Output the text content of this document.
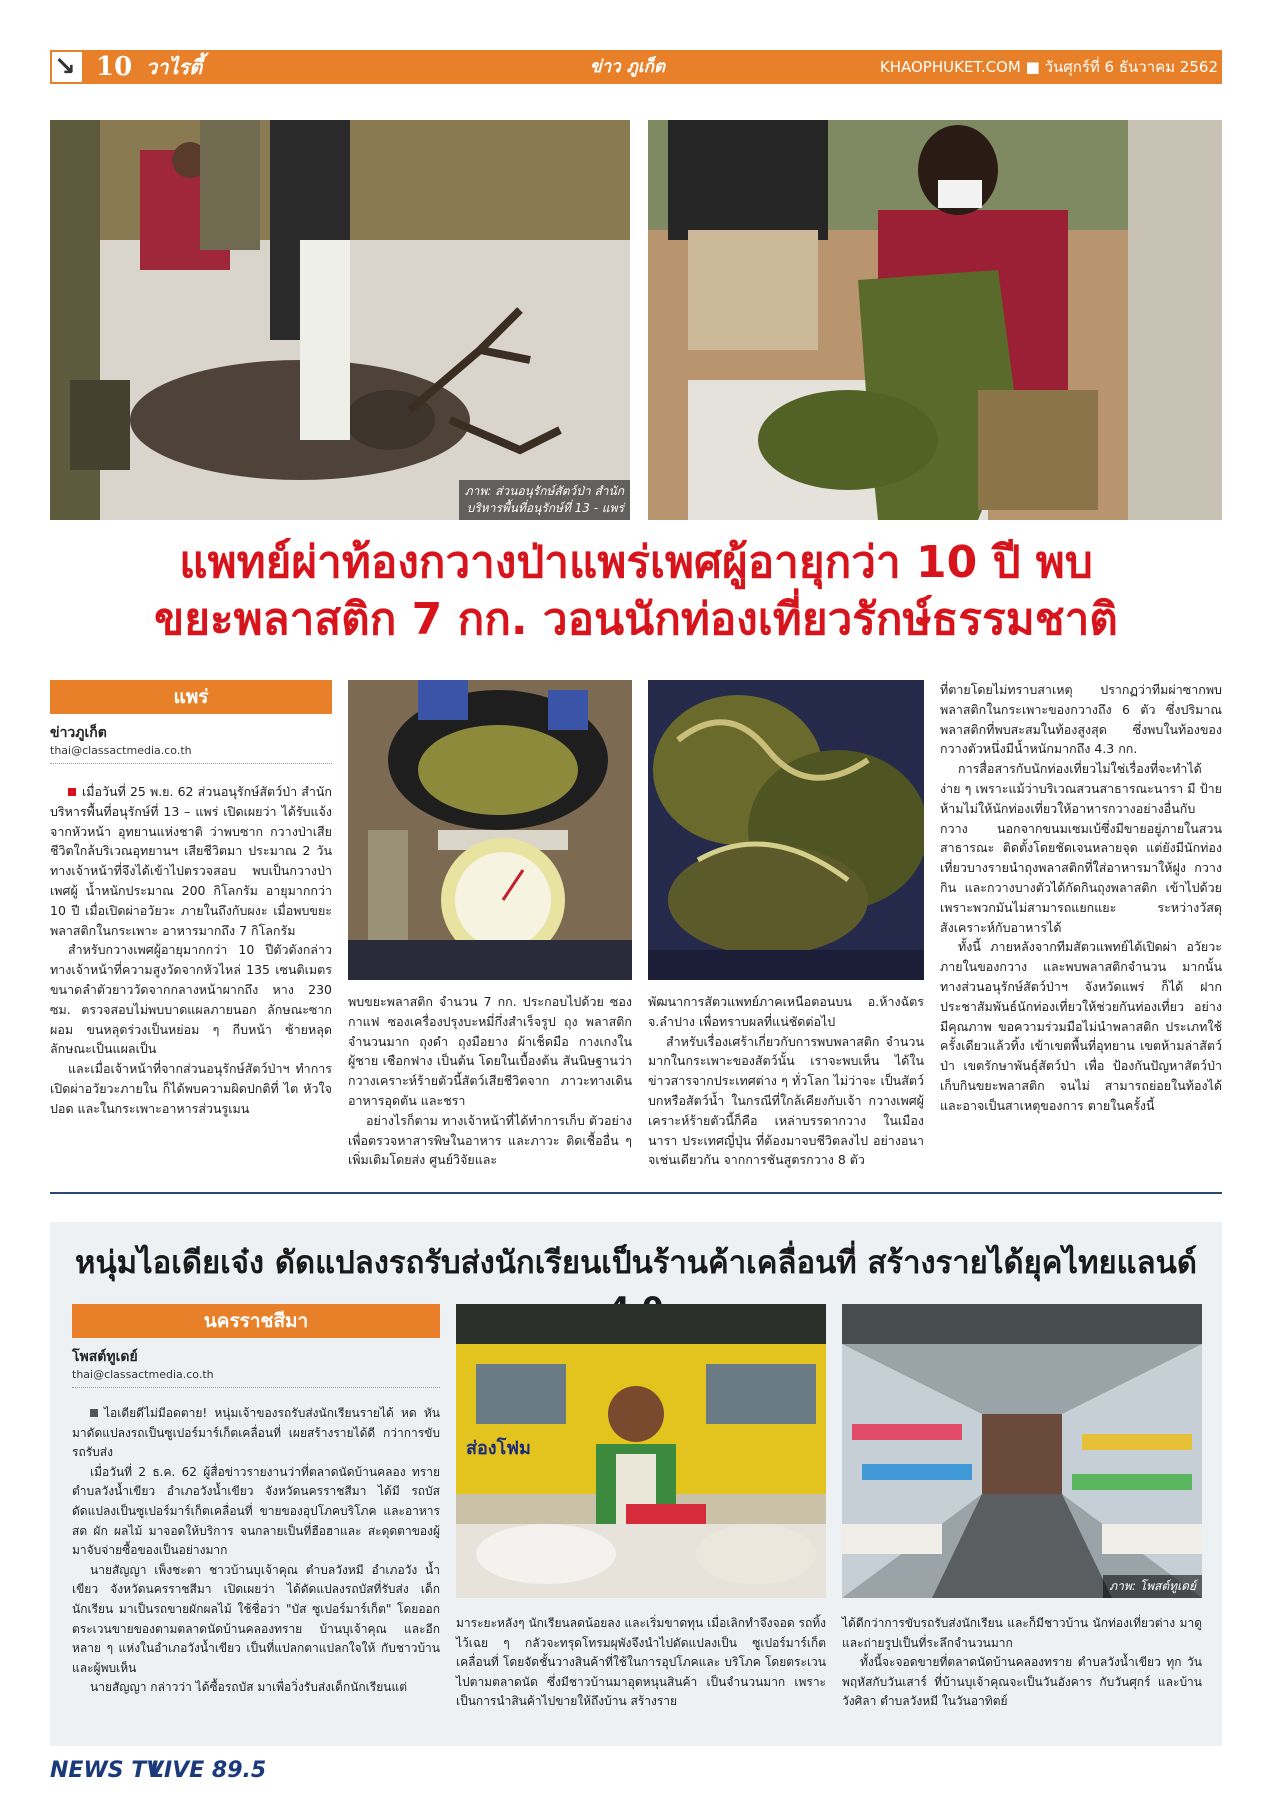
↘ 10 วาไรตี้	ข่าว ภูเก็ต	KHAOPHUKET.COM ■ วันศุกร์ที่ 6 ธันวาคม 2562
ภาพ: ส่วนอนุรักษ์สัตว์ป่า สำนัก
บริหารพื้นที่อนุรักษ์ที่ 13 - แพร่
แพทย์ผ่าท้องกวางป่าแพร่เพศผู้อายุกว่า 10 ปี พบ
ขยะพลาสติก 7 กก. วอนนักท่องเที่ยวรักษ์ธรรมชาติ
แพร่
ข่าวภูเก็ต
thai@classactmedia.co.th

เมื่อวันที่ 25 พ.ย. 62 ส่วนอนุรักษ์สัตว์ป่า สำนักบริหารพื้นที่อนุรักษ์ที่ 13 – แพร่ เปิดเผยว่า ได้รับแจ้งจากหัวหน้า อุทยานแห่งชาติ ว่าพบซาก กวางป่าเสียชีวิตใกล้บริเวณอุทยานฯ เสียชีวิตมา ประมาณ 2 วัน ทางเจ้าหน้าที่จึงได้เข้าไปตรวจสอบ พบเป็นกวางป่าเพศผู้ น้ำหนักประมาณ 200 กิโลกรัม อายุมากกว่า 10 ปี เมื่อเปิดผ่าอวัยวะ ภายในถึงกับผงะ เมื่อพบขยะพลาสติกในกระเพาะ อาหารมากถึง 7 กิโลกรัม

สำหรับกวางเพศผู้อายุมากกว่า 10 ปีตัวดังกล่าว ทางเจ้าหน้าที่ความสูงวัดจากหัวไหล่ 135 เซนติเมตร ขนาดลำตัวยาววัดจากกลางหน้าผากถึง หาง 230 ซม. ตรวจสอบไม่พบบาดแผลภายนอก ลักษณะซากผอม ขนหลุดร่วงเป็นหย่อม ๆ กีบหน้า ซ้ายหลุดลักษณะเป็นแผลเป็น

และเมื่อเจ้าหน้าที่จากส่วนอนุรักษ์สัตว์ป่าฯ ทำการเปิดผ่าอวัยวะภายใน ก็ได้พบความผิดปกติที่ ไต หัวใจ ปอด และในกระเพาะอาหารส่วนรูเมน

พบขยะพลาสติก จำนวน 7 กก. ประกอบไปด้วย ซองกาแฟ ซองเครื่องปรุงบะหมี่กึ่งสำเร็จรูป ถุง พลาสติกจำนวนมาก ถุงดำ ถุงมือยาง ผ้าเช็ดมือ กางเกงในผู้ชาย เชือกฟาง เป็นต้น โดยในเบื้องต้น สันนิษฐานว่ากวางเคราะห์ร้ายตัวนี้สัตว์เสียชีวิตจาก ภาวะทางเดินอาหารอุดตัน และชรา

อย่างไรก็ตาม ทางเจ้าหน้าที่ได้ทำการเก็บ ตัวอย่าง เพื่อตรวจหาสารพิษในอาหาร และภาวะ ติดเชื้ออื่น ๆ เพิ่มเติมโดยส่ง ศูนย์วิจัยและ

พัฒนาการสัตวแพทย์ภาคเหนือตอนบน อ.ห้างฉัตร จ.ลำปาง เพื่อทราบผลที่แน่ชัดต่อไป

สำหรับเรื่องเศร้าเกี่ยวกับการพบพลาสติก จำนวนมากในกระเพาะของสัตว์นั้น เราจะพบเห็น ได้ในข่าวสารจากประเทศต่าง ๆ ทั่วโลก ไม่ว่าจะ เป็นสัตว์บกหรือสัตว์น้ำ ในกรณีที่ใกล้เคียงกับเจ้า กวางเพศผู้เคราะห์ร้ายตัวนี้ก็คือ เหล่าบรรดากวาง ในเมืองนารา ประเทศญี่ปุ่น ที่ต้องมาจบชีวิตลงไป อย่างอนาจเช่นเดียวกัน จากการชันสูตรกวาง 8 ตัว

ที่ตายโดยไม่ทราบสาเหตุ ปรากฏว่าทีมผ่าซากพบ พลาสติกในกระเพาะของกวางถึง 6 ตัว ซึ่งปริมาณ พลาสติกที่พบสะสมในท้องสูงสุด ซึ่งพบในท้องของ กวางตัวหนึ่งมีน้ำหนักมากถึง 4.3 กก.

การสื่อสารกับนักท่องเที่ยวไม่ใช่เรื่องที่จะทำได้ ง่าย ๆ เพราะแม้ว่าบริเวณสวนสาธารณะนารา มี ป้ายห้ามไม่ให้นักท่องเที่ยวให้อาหารกวางอย่างอื่นกับ กวาง นอกจากขนมเซมเบ้ซึ่งมีขายอยู่ภายในสวน สาธารณะ ติดตั้งโดยชัดเจนหลายจุด แต่ยังมีนักท่อง เที่ยวบางรายนำถุงพลาสติกที่ใส่อาหารมาให้ฝูง กวางกิน และกวางบางตัวได้กัดกินถุงพลาสติก เข้าไปด้วย เพราะพวกมันไม่สามารถแยกแยะ ระหว่างวัสดุสังเคราะห์กับอาหารได้

ทั้งนี้ ภายหลังจากทีมสัตวแพทย์ได้เปิดผ่า อวัยวะภายในของกวาง และพบพลาสติกจำนวน มากนั้น ทางส่วนอนุรักษ์สัตว์ป่าฯ จังหวัดแพร่ ก็ได้ ฝากประชาสัมพันธ์นักท่องเที่ยวให้ช่วยกันท่องเที่ยว อย่างมีคุณภาพ ขอความร่วมมือไม่นำพลาสติก ประเภทใช้ครั้งเดียวแล้วทิ้ง เข้าเขตพื้นที่อุทยาน เขตห้ามล่าสัตว์ป่า เขตรักษาพันธุ์สัตว์ป่า เพื่อ ป้องกันปัญหาสัตว์ป่าเก็บกินขยะพลาสติก จนไม่ สามารถย่อยในท้องได้ และอาจเป็นสาเหตุของการ ตายในครั้งนี้

หนุ่มไอเดียเจ๋ง ดัดแปลงรถรับส่งนักเรียนเป็นร้านค้าเคลื่อนที่ สร้างรายได้ยุคไทยแลนด์
นครราชสีมา
โพสต์ทูเดย์
thai@classactmedia.co.th

ไอเดียดีไม่มีอดตาย! หนุ่มเจ้าของรถรับส่งนักเรียนรายได้ หด หันมาดัดแปลงรถเป็นซูเปอร์มาร์เก็ตเคลื่อนที่ เผยสร้างรายได้ดี กว่าการขับรถรับส่ง

เมื่อวันที่ 2 ธ.ค. 62 ผู้สื่อข่าวรายงานว่าที่ตลาดนัดบ้านคลอง ทราย ตำบลวังน้ำเขียว อำเภอวังน้ำเขียว จังหวัดนครราชสีมา ได้มี รถบัสดัดแปลงเป็นซูเปอร์มาร์เก็ตเคลื่อนที่ ขายของอุปโภคบริโภค และอาหารสด ผัก ผลไม้ มาจอดให้บริการ จนกลายเป็นที่ฮือฮาและ สะดุดตาของผู้มาจับจ่ายซื้อของเป็นอย่างมาก

นายสัญญา เพ็งชะตา ชาวบ้านบุเจ้าคุณ ตำบลวังหมี อำเภอวัง น้ำเขียว จังหวัดนครราชสีมา เปิดเผยว่า ได้ดัดแปลงรถบัสที่รับส่ง เด็กนักเรียน มาเป็นรถขายผักผลไม้ ใช้ชื่อว่า "บัส ซูเปอร์มาร์เก็ต" โดยออกตระเวนขายของตามตลาดนัดบ้านคลองทราย บ้านบุเจ้าคุณ และอีกหลาย ๆ แห่งในอำเภอวังน้ำเขียว เป็นที่แปลกตาแปลกใจให้ กับชาวบ้านและผู้พบเห็น

นายสัญญา กล่าวว่า ได้ซื้อรถบัส มาเพื่อวิ่งรับส่งเด็กนักเรียนแต่

ส่องโฟม
ภาพ: โพสต์ทูเดย์

มาระยะหลังๆ นักเรียนลดน้อยลง และเริ่มขาดทุน เมื่อเลิกทำจึงจอด รถทิ้งไว้เฉย ๆ กลัวจะทรุดโทรมผุพังจึงนำไปดัดแปลงเป็น ซูเปอร์มาร์เก็ตเคลื่อนที่ โดยจัดชั้นวางสินค้าที่ใช้ในการอุปโภคและ บริโภค โดยตระเวนไปตามตลาดนัด ซึ่งมีชาวบ้านมาอุดหนุนสินค้า เป็นจำนวนมาก เพราะเป็นการนำสินค้าไปขายให้ถึงบ้าน สร้างราย

ได้ดีกว่าการขับรถรับส่งนักเรียน และก็มีชาวบ้าน นักท่องเที่ยวต่าง มาดูและถ่ายรูปเป็นที่ระลึกจำนวนมาก

ทั้งนี้จะจอดขายที่ตลาดนัดบ้านคลองทราย ตำบลวังน้ำเขียว ทุก วันพฤหัสกับวันเสาร์ ที่บ้านบุเจ้าคุณจะเป็นวันอังคาร กับวันศุกร์ และบ้านวังศิลา ตำบลวังหมี ในวันอาทิตย์

NEWS TV
LIVE 89.5
